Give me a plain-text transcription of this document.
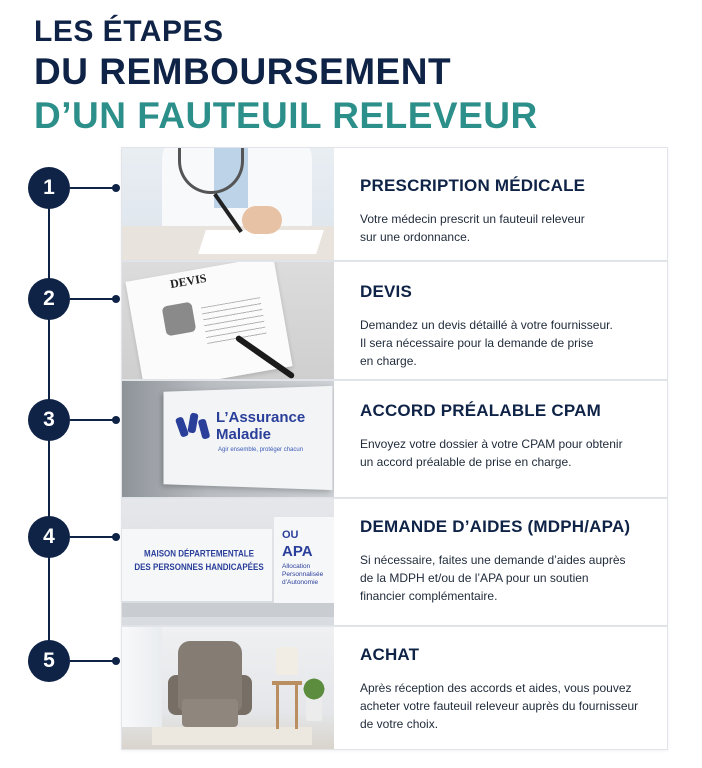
LES ÉTAPES
DU REMBOURSEMENT
D’UN FAUTEUIL RELEVEUR
1	PRESCRIPTION MÉDICALE
Votre médecin prescrit un fauteuil releveur
sur une ordonnance.
2
DEVIS
DEVIS
Demandez un devis détaillé à votre fournisseur.
Il sera nécessaire pour la demande de prise
en charge.
3	L’Assurance
Maladie
Agir ensemble, protéger chacun
ACCORD PRÉALABLE CPAM
Envoyez votre dossier à votre CPAM pour obtenir
un accord préalable de prise en charge.
4
MAISON DÉPARTEMENTALE
DES PERSONNES HANDICAPÉES
OU
APA
Allocation
Personnalisée
d’Autonomie
DEMANDE D’AIDES (MDPH/APA)
Si nécessaire, faites une demande d’aides auprès
de la MDPH et/ou de l’APA pour un soutien
financier complémentaire.
5	ACHAT
Après réception des accords et aides, vous pouvez
acheter votre fauteuil releveur auprès du fournisseur
de votre choix.
